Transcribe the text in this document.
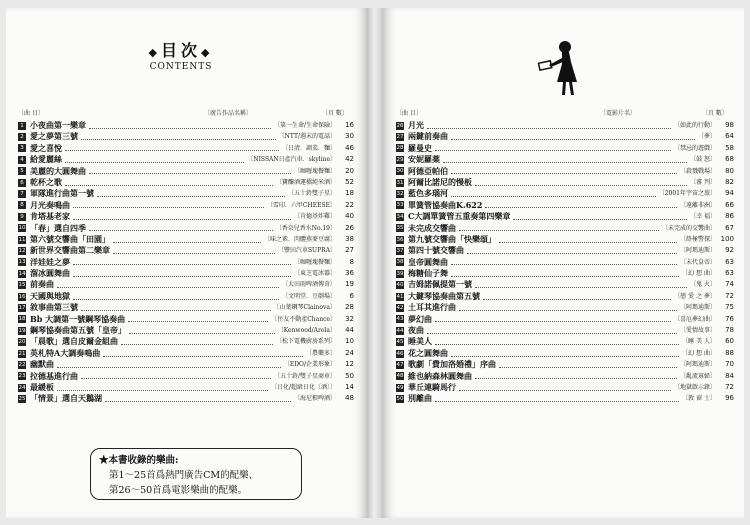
◆目次◆
CONTENTS
〔曲 目〕	〔廣告作品名稱〕	〔頁 數〕
1 小夜曲第一樂章	〔第一生命/生命保險〕	16
2 愛之夢第三號	〔NTT/週末的電話〕	30
3 愛之喜悅	〔日清．調菜．麵〕	46
4 給愛麗絲	〔NISSAN日產汽車．skyline〕	42
5 美麗的大圓舞曲	〔咖喱塊餐麵〕	20
6 乾杯之歌	〔寶釀酒運橋純米酒〕	52
7 軍隊進行曲第一號	〔五十鈴雙子星〕	18
8 月光奏鳴曲	〔雪印．六甲CHEESE〕	22
9 肯塔基老家	〔肯德基炸雞〕	40
10 「春」選自四季	〔香奈兒香水No.19〕	26
11 第六號交響曲「田園」	〔味之素．肉體燕麥豆腐〕	38
12 新世界交響曲第二樂章	〔豐田汽車SUPRA〕	27
13 洋娃娃之夢	〔咖喱塊餐麵〕	8
14 溜冰圓舞曲	〔東芝電冰器〕	36
15 前奏曲	〔太田雨啤酒傳奇〕	19
16 天國與地獄	〔文明堂．豆劇場〕	6
17 敘事曲第三號	〔山葉鋼琴Clainova〕	28
18 Bb 大調第一號鋼琴協奏曲	〔住友不動產Chance〕	32
19 鋼琴協奏曲第五號「皇帝」	〔Kenwood/Arola〕	44
20 「晨歌」選自皮爾金組曲	〔松下電機廚房系列〕	10
21 英札特A大調奏鳴曲	〔農藥多〕	24
22 幽默曲	〔EDO/企業形象〕	12
23 拉德基進行曲	〔五十鈴/雙子星商車〕	50
24 最緩板	〔日化/超級日化〔酒〕〕	14
25 「情景」選自天鵝湖	〔海尼根啤酒〕	48
★本書收錄的樂曲:
第1～25首爲熱門廣告CM的配樂、
第26～50首爲電影樂曲的配樂。
〔曲 目〕	〔電影片名〕	〔頁 數〕
26 月光	〔如此的行動〕	98
27 兩鍵前奏曲	〔夢〕	64
28 羅曼史	〔禁忌的遊戲〕	58
29 安妮羅薬	〔鼓 怒〕	68
30 阿德亞帕伯	〔殺戮戰場〕	80
31 阿爾比諾尼的慢板	〔審 判〕	82
32 藍色多瑙河	〔2001年宇宙之旅〕	94
33 單簧管協奏曲K.622	〔遠離非洲〕	66
34 C大調單簧管五重奏第四樂章	〔幸 福〕	86
35 未完成交響曲	〔未完成的交響曲〕	67
36 第九號交響曲「快樂頌」	〔終極警探〕 100
37 第四十號交響曲	〔阿瑪迪斯〕	92
38 皇帝圓舞曲	〔末代皇帝〕	63
39 梅糖仙子舞	〔幻 想 曲〕	63
40 吉姆諾佩提第一號	〔鬼 火〕	74
41 大鍵琴協奏曲第五號	〔戀 愛 之 夢〕	72
42 土耳其進行曲	〔阿瑪迪斯〕	75
43 夢幻曲	〔喜厄夢幻曲〕	76
44 夜曲	〔愛情故事〕	78
45 睡美人	〔睡 美 人〕	60
46 花之圓舞曲	〔幻 想 曲〕	88
47 歌劇「費加洛婚禮」序曲	〔阿瑪迪斯〕	70
48 維也納森林圓舞曲	〔亂流寡婦〕	84
49 華丘連騎馬行	〔地獄啟示錄〕	72
50 別離曲	〔敦 窗 士〕	96
